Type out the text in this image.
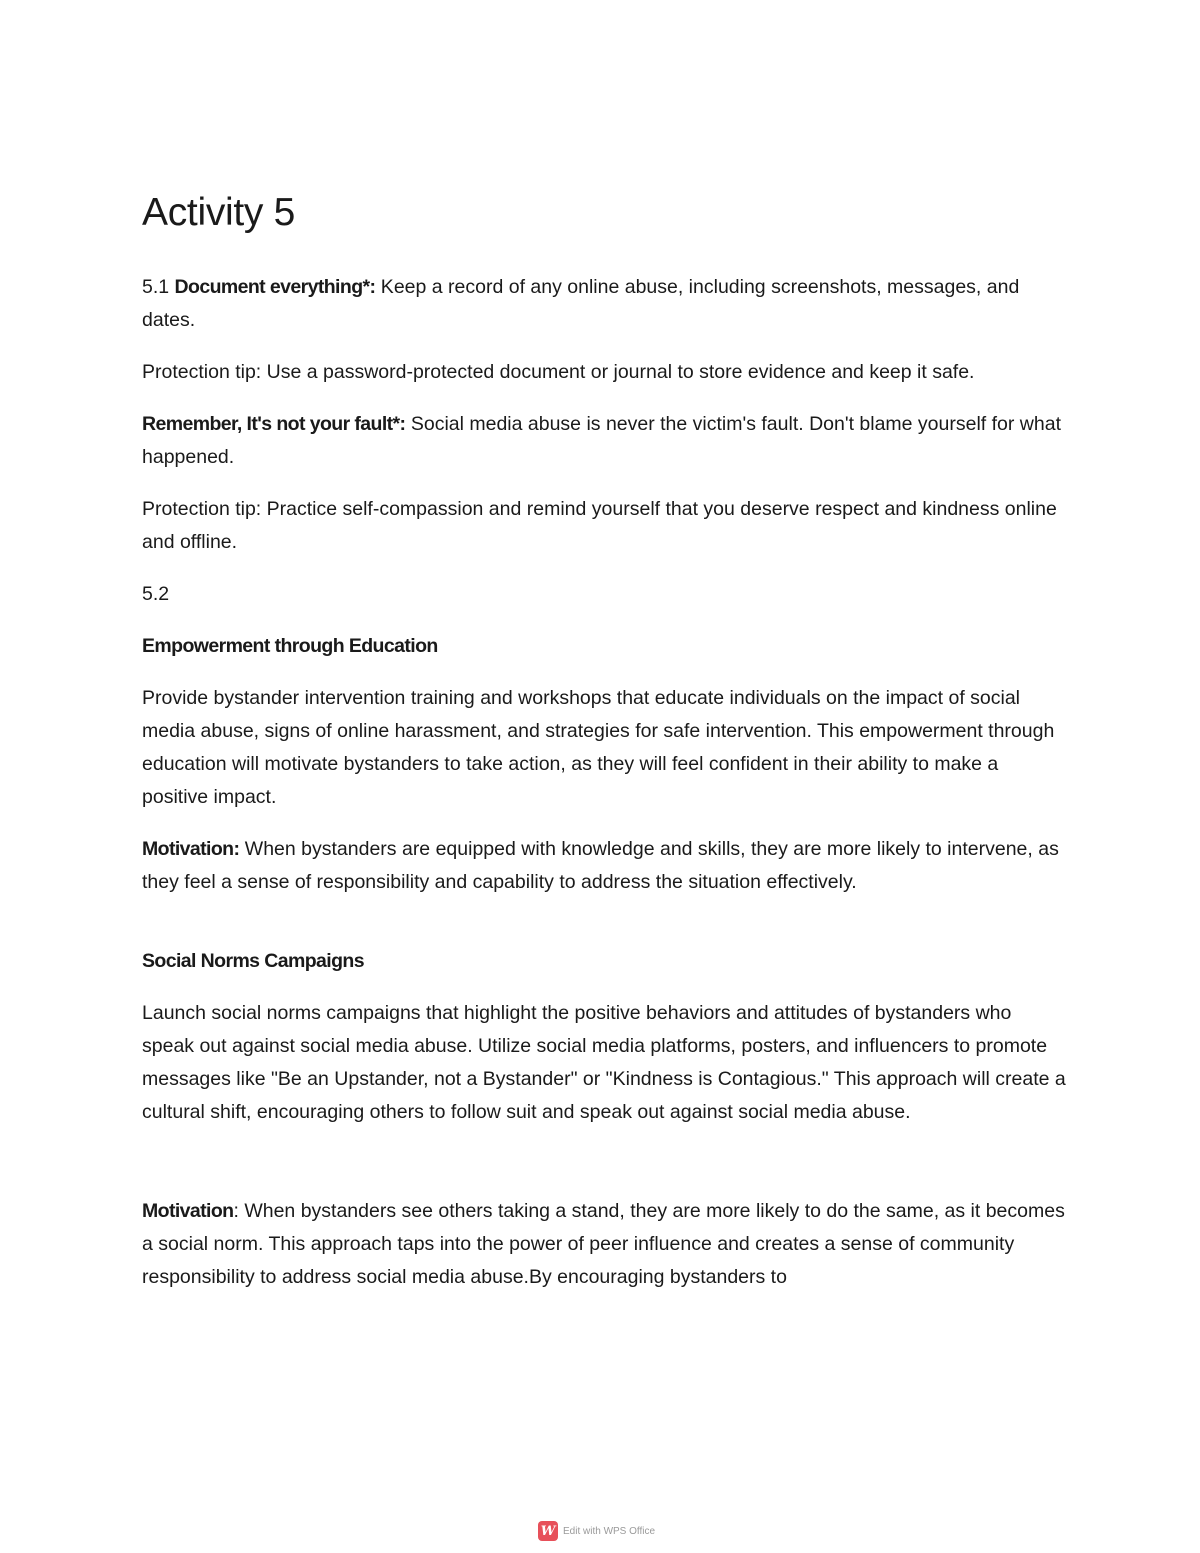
Activity 5

5.1 Document everything*: Keep a record of any online abuse, including screenshots, messages, and dates.

Protection tip: Use a password-protected document or journal to store evidence and keep it safe.

Remember, It's not your fault*: Social media abuse is never the victim's fault. Don't blame yourself for what happened.

Protection tip: Practice self-compassion and remind yourself that you deserve respect and kindness online and offline.

5.2

Empowerment through Education

Provide bystander intervention training and workshops that educate individuals on the impact of social media abuse, signs of online harassment, and strategies for safe intervention. This empowerment through education will motivate bystanders to take action, as they will feel confident in their ability to make a positive impact.

Motivation: When bystanders are equipped with knowledge and skills, they are more likely to intervene, as they feel a sense of responsibility and capability to address the situation effectively.

Social Norms Campaigns

Launch social norms campaigns that highlight the positive behaviors and attitudes of bystanders who speak out against social media abuse. Utilize social media platforms, posters, and influencers to promote messages like "Be an Upstander, not a Bystander" or "Kindness is Contagious." This approach will create a cultural shift, encouraging others to follow suit and speak out against social media abuse.

Motivation: When bystanders see others taking a stand, they are more likely to do the same, as it becomes a social norm. This approach taps into the power of peer influence and creates a sense of community responsibility to address social media abuse.By encouraging bystanders to

W Edit with WPS Office
